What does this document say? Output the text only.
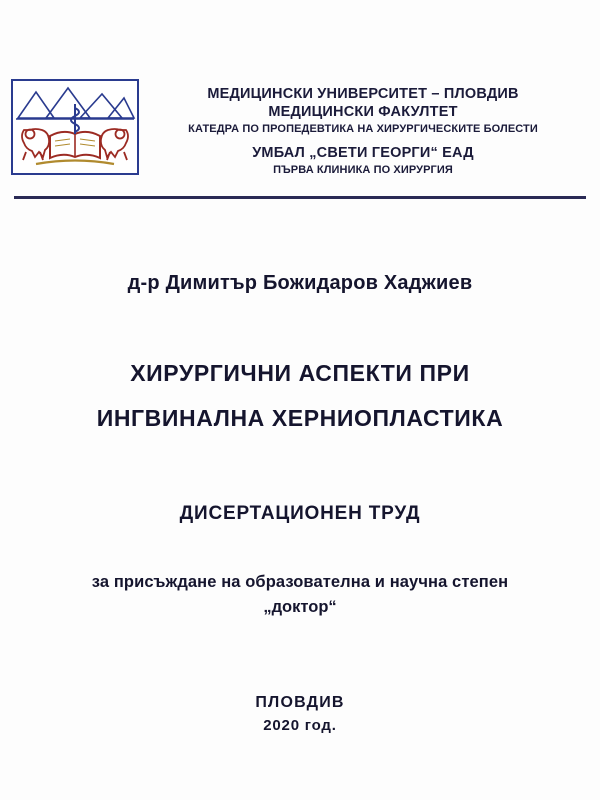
МЕДИЦИНСКИ УНИВЕРСИТЕТ – ПЛОВДИВ
МЕДИЦИНСКИ ФАКУЛТЕТ
КАТЕДРА ПО ПРОПЕДЕВТИКА НА ХИРУРГИЧЕСКИТЕ БОЛЕСТИ
УМБАЛ „СВЕТИ ГЕОРГИ“ ЕАД
ПЪРВА КЛИНИКА ПО ХИРУРГИЯ
д-р Димитър Божидаров Хаджиев
ХИРУРГИЧНИ АСПЕКТИ ПРИ
ИНГВИНАЛНА ХЕРНИОПЛАСТИКА
ДИСЕРТАЦИОНЕН ТРУД
за присъждане на образователна и научна степен
„доктор“
ПЛОВДИВ
2020 год.
